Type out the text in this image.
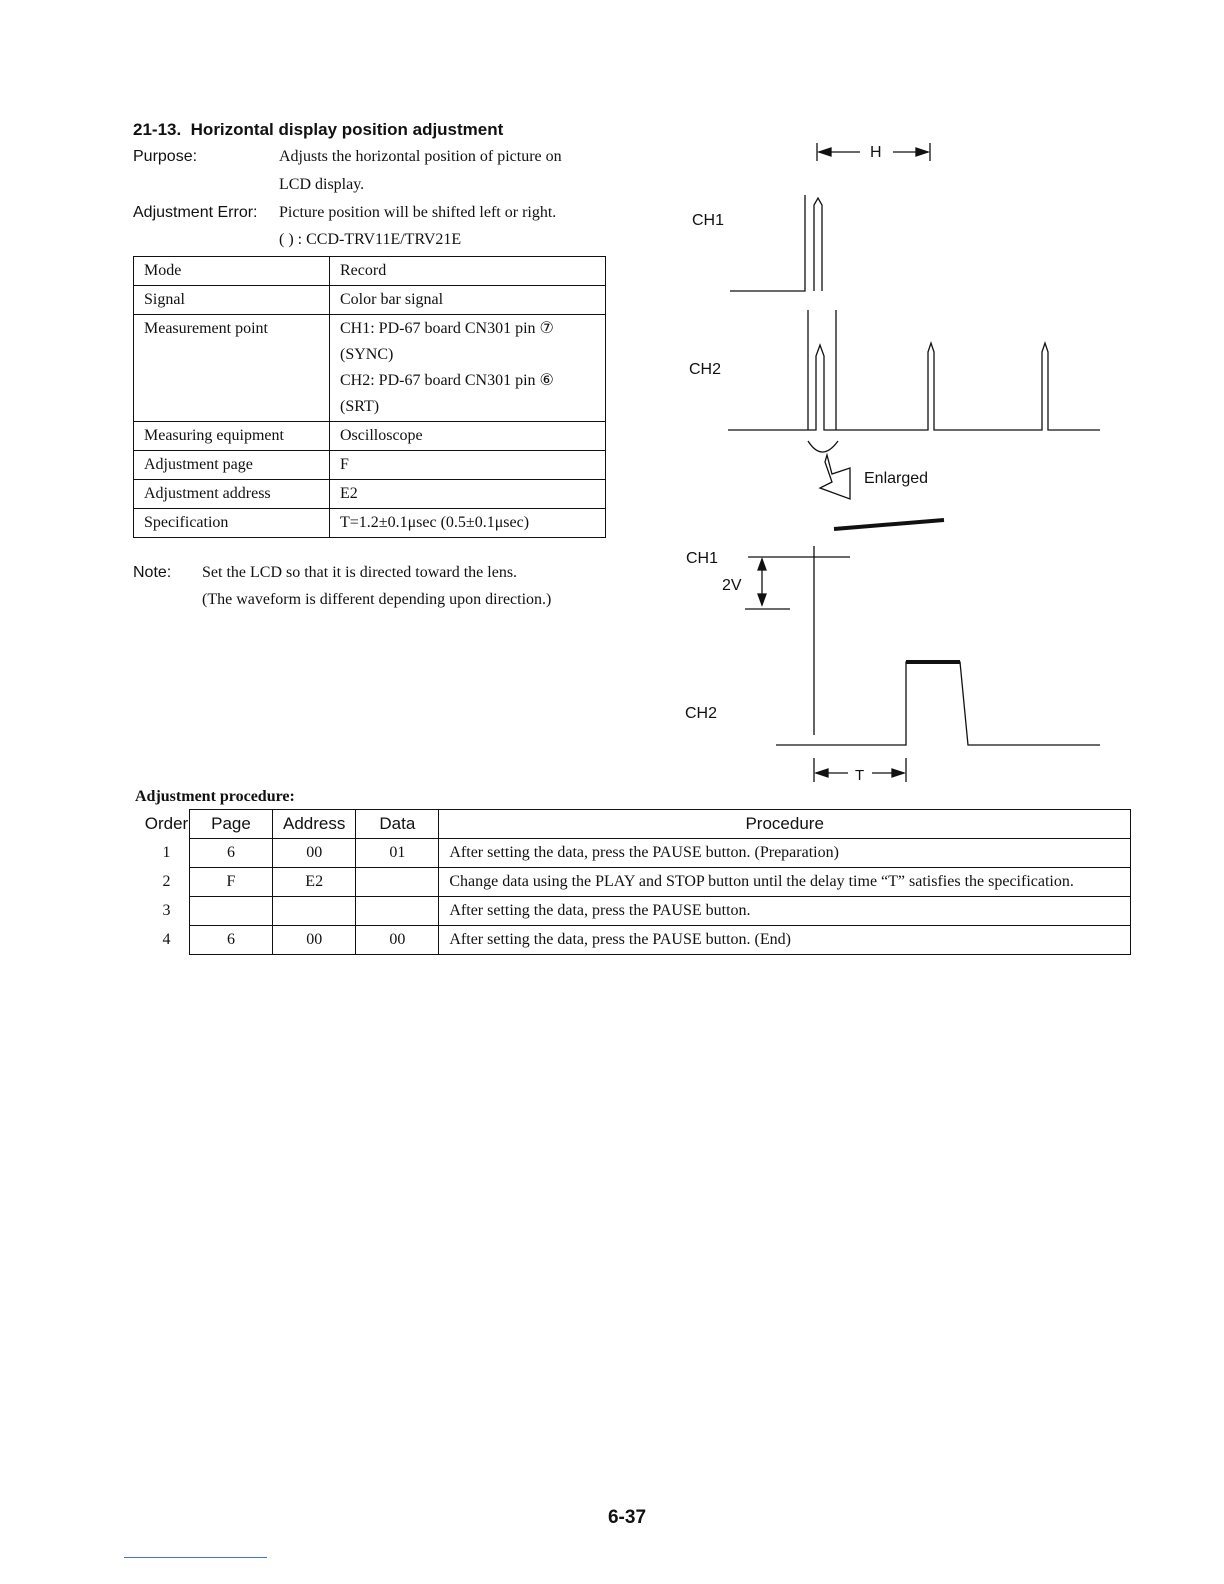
21-13. Horizontal display position adjustment
Purpose:	Adjusts the horizontal position of picture on
LCD display.
Adjustment Error: Picture position will be shifted left or right.
( ) : CCD-TRV11E/TRV21E
Mode	Record
Signal	Color bar signal
Measurement point	CH1: PD-67 board CN301 pin ⑦
(SYNC)
CH2: PD-67 board CN301 pin ⑥
(SRT)

Measuring equipment	Oscilloscope
Adjustment page	F
Adjustment address	E2
Specification	T=1.2±0.1μsec (0.5±0.1μsec)
Note: Set the LCD so that it is directed toward the lens.
(The waveform is different depending upon direction.)
H
CH1
CH2
Enlarged
CH1
2V
CH2
T
Adjustment procedure:
Order	Page	Address	Data	Procedure
1	6	00	01	After setting the data, press the PAUSE button. (Preparation)
2	F	E2		Change data using the PLAY and STOP button until the delay time “T” satisfies the specification.
3				After setting the data, press the PAUSE button.
4	6	00	00	After setting the data, press the PAUSE button. (End)
6-37
